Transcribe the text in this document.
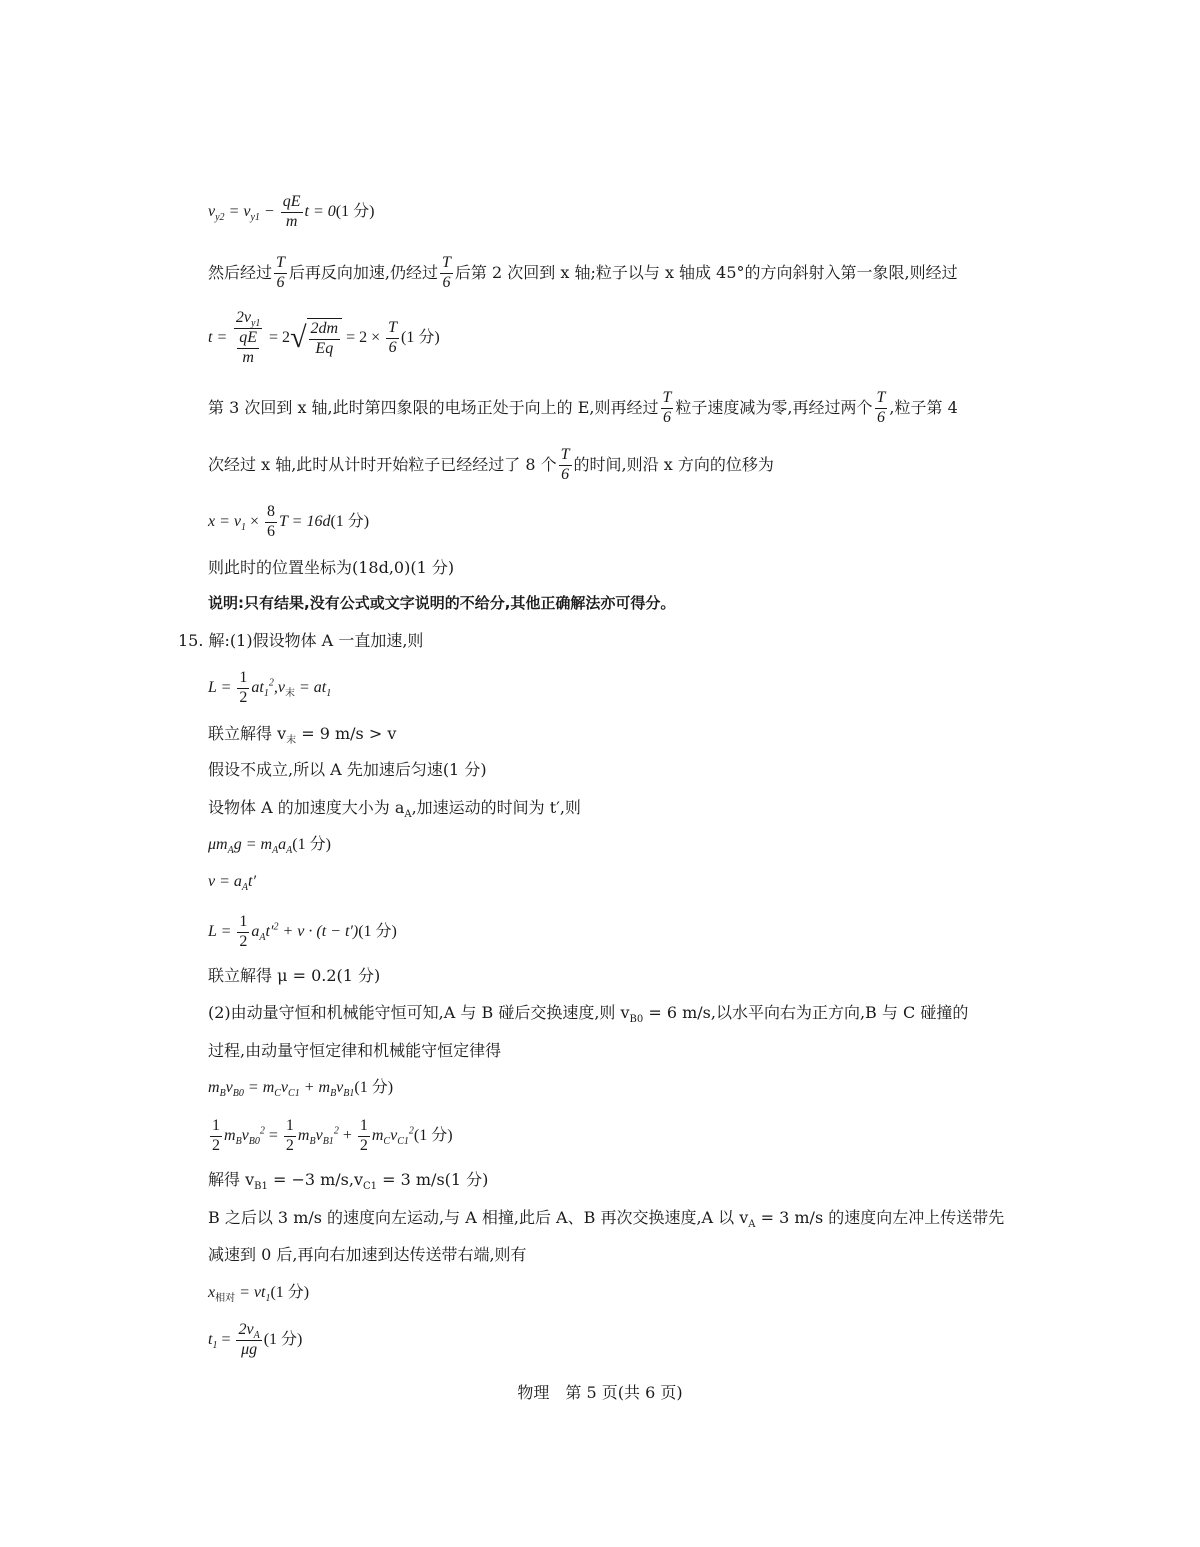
$v_{y2} = v_{y1} - \frac{qE}{m}$ t = 0(1 分)
然后经过 $\frac{T}{6}$ 后再反向加速,仍经过 $\frac{T}{6}$ 后第 2 次回到 x 轴;粒子以与 x 轴成 45°的方向斜射入第一象限,则经过
$t = \frac{2v_{y1}}{\frac{qE}{m}} = 2$ √ $\frac{2dm}{Eq} = 2 \times \frac{T}{6} (1$ 分)
第 3 次回到 x 轴,此时第四象限的电场正处于向上的 E,则再经过 $\frac{T}{6}$ 粒子速度减为零,再经过两个 $\frac{T}{6}$ ,粒子第 4
次经过 x 轴,此时从计时开始粒子已经经过了 8 个 $\frac{T}{6}$ 的时间,则沿 x 方向的位移为
$x = v_1 \times \frac{8}{6}$ T = 16d(1 分)
则此时的位置坐标为(18d,0)(1 分)
说明:只有结果,没有公式或文字说明的不给分,其他正确解法亦可得分。
15. 解:(1)假设物体 A 一直加速,则
$L = \frac{1}{2} at_1^2,v_末 = at_1$
联立解得 $v_末 = 9$ m/s > v
假设不成立,所以 A 先加速后匀速(1 分)
设物体 A 的加速度大小为 $a_A$,加速运动的时间为 t′,则
$\mu m_Ag = m_Aa_A(1$ 分)
$v = a_At'$
$L = \frac{1}{2} a_At'^2 + v \cdot (t - t')(1$ 分)
联立解得 μ = 0.2(1 分)
(2)由动量守恒和机械能守恒可知,A 与 B 碰后交换速度,则 $v_{B0} = 6$ m/s,以水平向右为正方向,B 与 C 碰撞的
过程,由动量守恒定律和机械能守恒定律得
$m_Bv_{B0} = m_Cv_{C1} + m_Bv_{B1}(1$ 分)
$\frac{1}{2} m_Bv_{B0}^2 = \frac{1}{2} m_Bv_{B1}^2 + \frac{1}{2} m_Cv_{C1}^2(1$ 分)
解得 $v_{B1} = -3$ $m/s,v_{C1} = 3$ m/s(1 分)
B 之后以 3 m/s 的速度向左运动,与 A 相撞,此后 A、B 再次交换速度,A 以 $v_A = 3$ m/s 的速度向左冲上传送带先
减速到 0 后,再向右加速到达传送带右端,则有
$x_{相对} = vt_1(1$ 分)
$t_1 = \frac{2v_A}{\mu g} (1$ 分)
物理　第 5 页(共 6 页)
